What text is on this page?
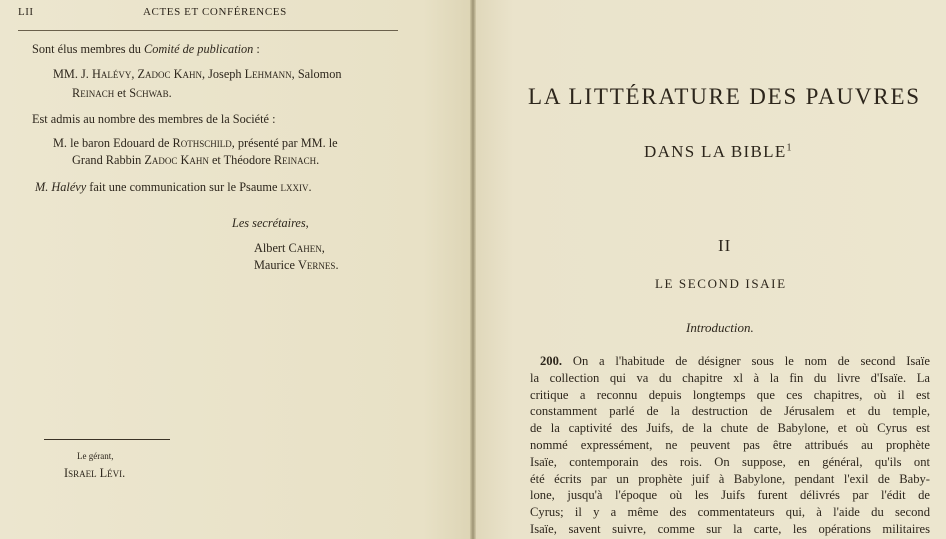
LII	ACTES ET CONFÉRENCES
Sont élus membres du Comité de publication :
MM. J. Halévy, Zadoc Kahn, Joseph Lehmann, Salomon
Reinach et Schwab.
Est admis au nombre des membres de la Société :
M. le baron Edouard de Rothschild, présenté par MM. le
Grand Rabbin Zadoc Kahn et Théodore Reinach.
M. Halévy fait une communication sur le Psaume lxxiv.
Les secrétaires,
Albert Cahen,
Maurice Vernes.
Le gérant,
Israel Lévi.
LA LITTÉRATURE DES PAUVRES
DANS LA BIBLE$^1$
II
LE SECOND ISAIE
Introduction.
200. On a l'habitude de désigner sous le nom de second Isaïe
la collection qui va du chapitre xl à la fin du livre d'Isaïe. La
critique a reconnu depuis longtemps que ces chapitres, où il est
constamment parlé de la destruction de Jérusalem et du temple,
de la captivité des Juifs, de la chute de Babylone, et où Cyrus est
nommé expressément, ne peuvent pas être attribués au prophète
Isaïe, contemporain des rois. On suppose, en général, qu'ils ont
été écrits par un prophète juif à Babylone, pendant l'exil de Baby-
lone, jusqu'à l'époque où les Juifs furent délivrés par l'édit de
Cyrus; il y a même des commentateurs qui, à l'aide du second
Isaïe, savent suivre, comme sur la carte, les opérations militaires
